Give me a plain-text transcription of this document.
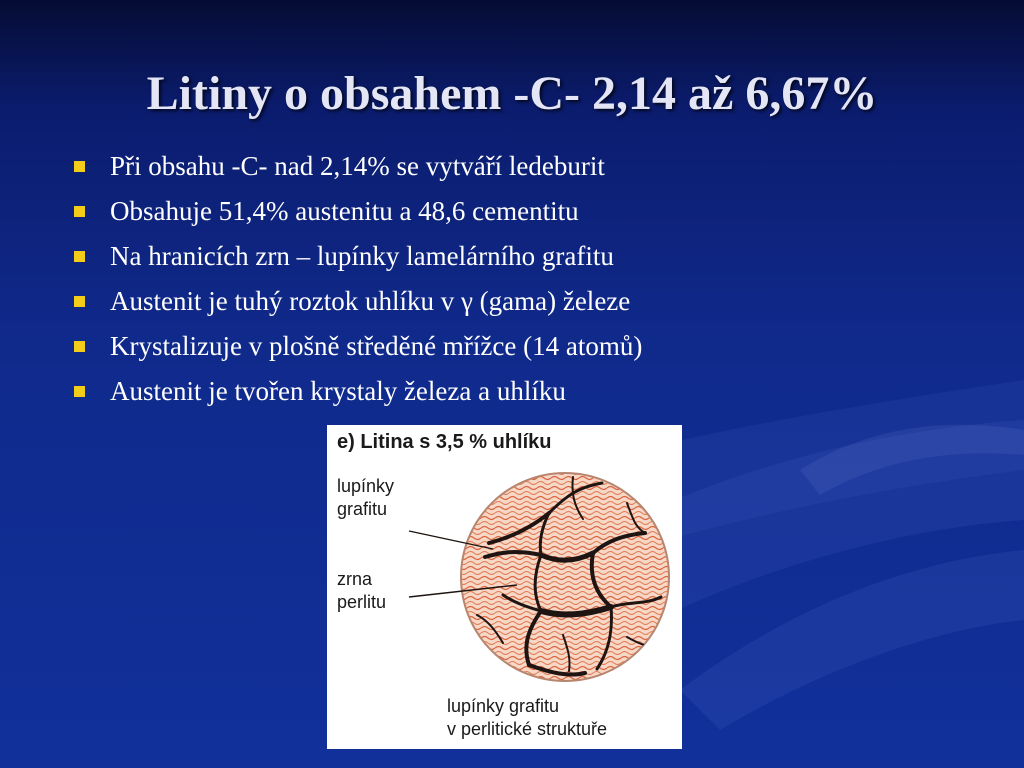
Litiny o obsahem -C- 2,14 až 6,67%
Při obsahu -C- nad 2,14% se vytváří ledeburit
Obsahuje 51,4% austenitu a 48,6 cementitu
Na hranicích zrn – lupínky lamelárního grafitu
Austenit je tuhý roztok uhlíku v γ (gama) železe
Krystalizuje v plošně středěné mřížce (14 atomů)
Austenit je tvořen krystaly železa a uhlíku
e) Litina s 3,5 % uhlíku
lupínky
grafitu
zrna
perlitu
lupínky grafitu
v perlitické struktuře
